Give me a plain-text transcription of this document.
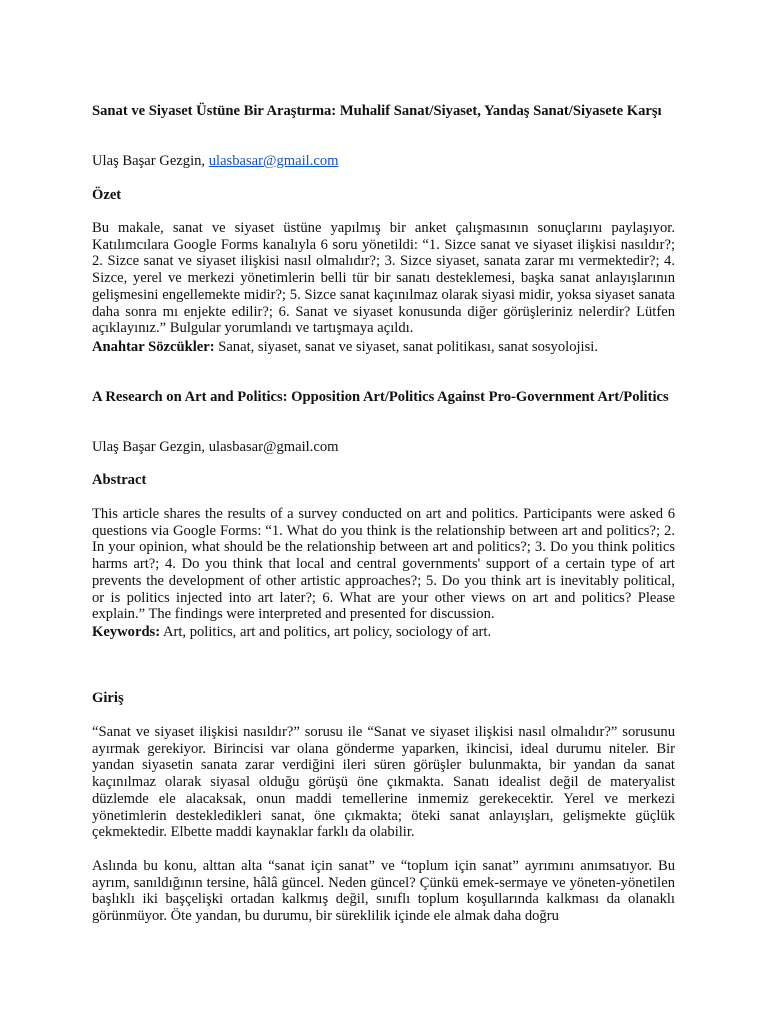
Sanat ve Siyaset Üstüne Bir Araştırma: Muhalif Sanat/Siyaset, Yandaş Sanat/Siyasete Karşı
Ulaş Başar Gezgin, ulasbasar@gmail.com
Özet

Bu makale, sanat ve siyaset üstüne yapılmış bir anket çalışmasının sonuçlarını paylaşıyor. Katılımcılara Google Forms kanalıyla 6 soru yönetildi: “1. Sizce sanat ve siyaset ilişkisi nasıldır?; 2. Sizce sanat ve siyaset ilişkisi nasıl olmalıdır?; 3. Sizce siyaset, sanata zarar mı vermektedir?; 4. Sizce, yerel ve merkezi yönetimlerin belli tür bir sanatı desteklemesi, başka sanat anlayışlarının gelişmesini engellemekte midir?; 5. Sizce sanat kaçınılmaz olarak siyasi midir, yoksa siyaset sanata daha sonra mı enjekte edilir?; 6. Sanat ve siyaset konusunda diğer görüşleriniz nelerdir? Lütfen açıklayınız.” Bulgular yorumlandı ve tartışmaya açıldı.

Anahtar Sözcükler: Sanat, siyaset, sanat ve siyaset, sanat politikası, sanat sosyolojisi.
A Research on Art and Politics: Opposition Art/Politics Against Pro-Government Art/Politics
Ulaş Başar Gezgin, ulasbasar@gmail.com
Abstract

This article shares the results of a survey conducted on art and politics. Participants were asked 6 questions via Google Forms: “1. What do you think is the relationship between art and politics?; 2. In your opinion, what should be the relationship between art and politics?; 3. Do you think politics harms art?; 4. Do you think that local and central governments' support of a certain type of art prevents the development of other artistic approaches?; 5. Do you think art is inevitably political, or is politics injected into art later?; 6. What are your other views on art and politics? Please explain.” The findings were interpreted and presented for discussion.

Keywords: Art, politics, art and politics, art policy, sociology of art.
Giriş

“Sanat ve siyaset ilişkisi nasıldır?” sorusu ile “Sanat ve siyaset ilişkisi nasıl olmalıdır?” sorusunu ayırmak gerekiyor. Birincisi var olana gönderme yaparken, ikincisi, ideal durumu niteler. Bir yandan siyasetin sanata zarar verdiğini ileri süren görüşler bulunmakta, bir yandan da sanat kaçınılmaz olarak siyasal olduğu görüşü öne çıkmakta. Sanatı idealist değil de materyalist düzlemde ele alacaksak, onun maddi temellerine inmemiz gerekecektir. Yerel ve merkezi yönetimlerin destekledikleri sanat, öne çıkmakta; öteki sanat anlayışları, gelişmekte güçlük çekmektedir. Elbette maddi kaynaklar farklı da olabilir.

Aslında bu konu, alttan alta “sanat için sanat” ve “toplum için sanat” ayrımını anımsatıyor. Bu ayrım, sanıldığının tersine, hâlâ güncel. Neden güncel? Çünkü emek-sermaye ve yöneten-yönetilen başlıklı iki başçelişki ortadan kalkmış değil, sınıflı toplum koşullarında kalkması da olanaklı görünmüyor. Öte yandan, bu durumu, bir süreklilik içinde ele almak daha doğru
